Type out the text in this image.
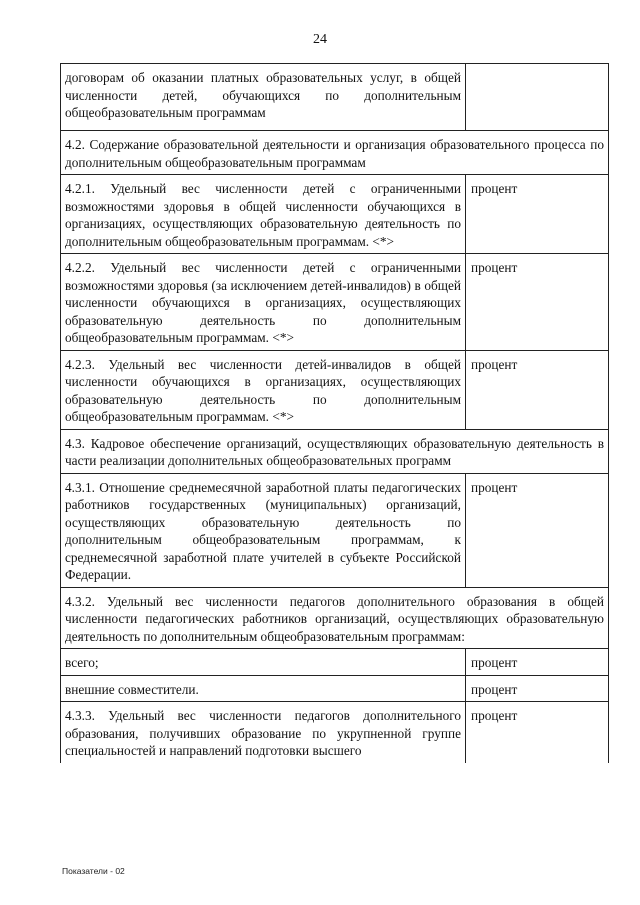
24
договорам об оказании платных образовательных услуг, в общей численности детей, обучающихся по дополнительным общеобразовательным программам	
4.2. Содержание образовательной деятельности и организация образовательного процесса по дополнительным общеобразовательным программам	
4.2.1. Удельный вес численности детей с ограниченными возможностями здоровья в общей численности обучающихся в организациях, осуществляющих образовательную деятельность по дополнительным общеобразовательным программам. <*>	процент
4.2.2. Удельный вес численности детей с ограниченными возможностями здоровья (за исключением детей-инвалидов) в общей численности обучающихся в организациях, осуществляющих образовательную деятельность по дополнительным общеобразовательным программам. <*>	процент
4.2.3. Удельный вес численности детей-инвалидов в общей численности обучающихся в организациях, осуществляющих образовательную деятельность по дополнительным общеобразовательным программам. <*>	процент
4.3. Кадровое обеспечение организаций, осуществляющих образовательную деятельность в части реализации дополнительных общеобразовательных программ	
4.3.1. Отношение среднемесячной заработной платы педагогических работников государственных (муниципальных) организаций, осуществляющих образовательную деятельность по дополнительным общеобразовательным программам, к среднемесячной заработной плате учителей в субъекте Российской Федерации.	процент
4.3.2. Удельный вес численности педагогов дополнительного образования в общей численности педагогических работников организаций, осуществляющих образовательную деятельность по дополнительным общеобразовательным программам:	
всего;	процент
внешние совместители.	процент
4.3.3. Удельный вес численности педагогов дополнительного образования, получивших образование по укрупненной группе специальностей и направлений подготовки высшего	процент
Показатели - 02
